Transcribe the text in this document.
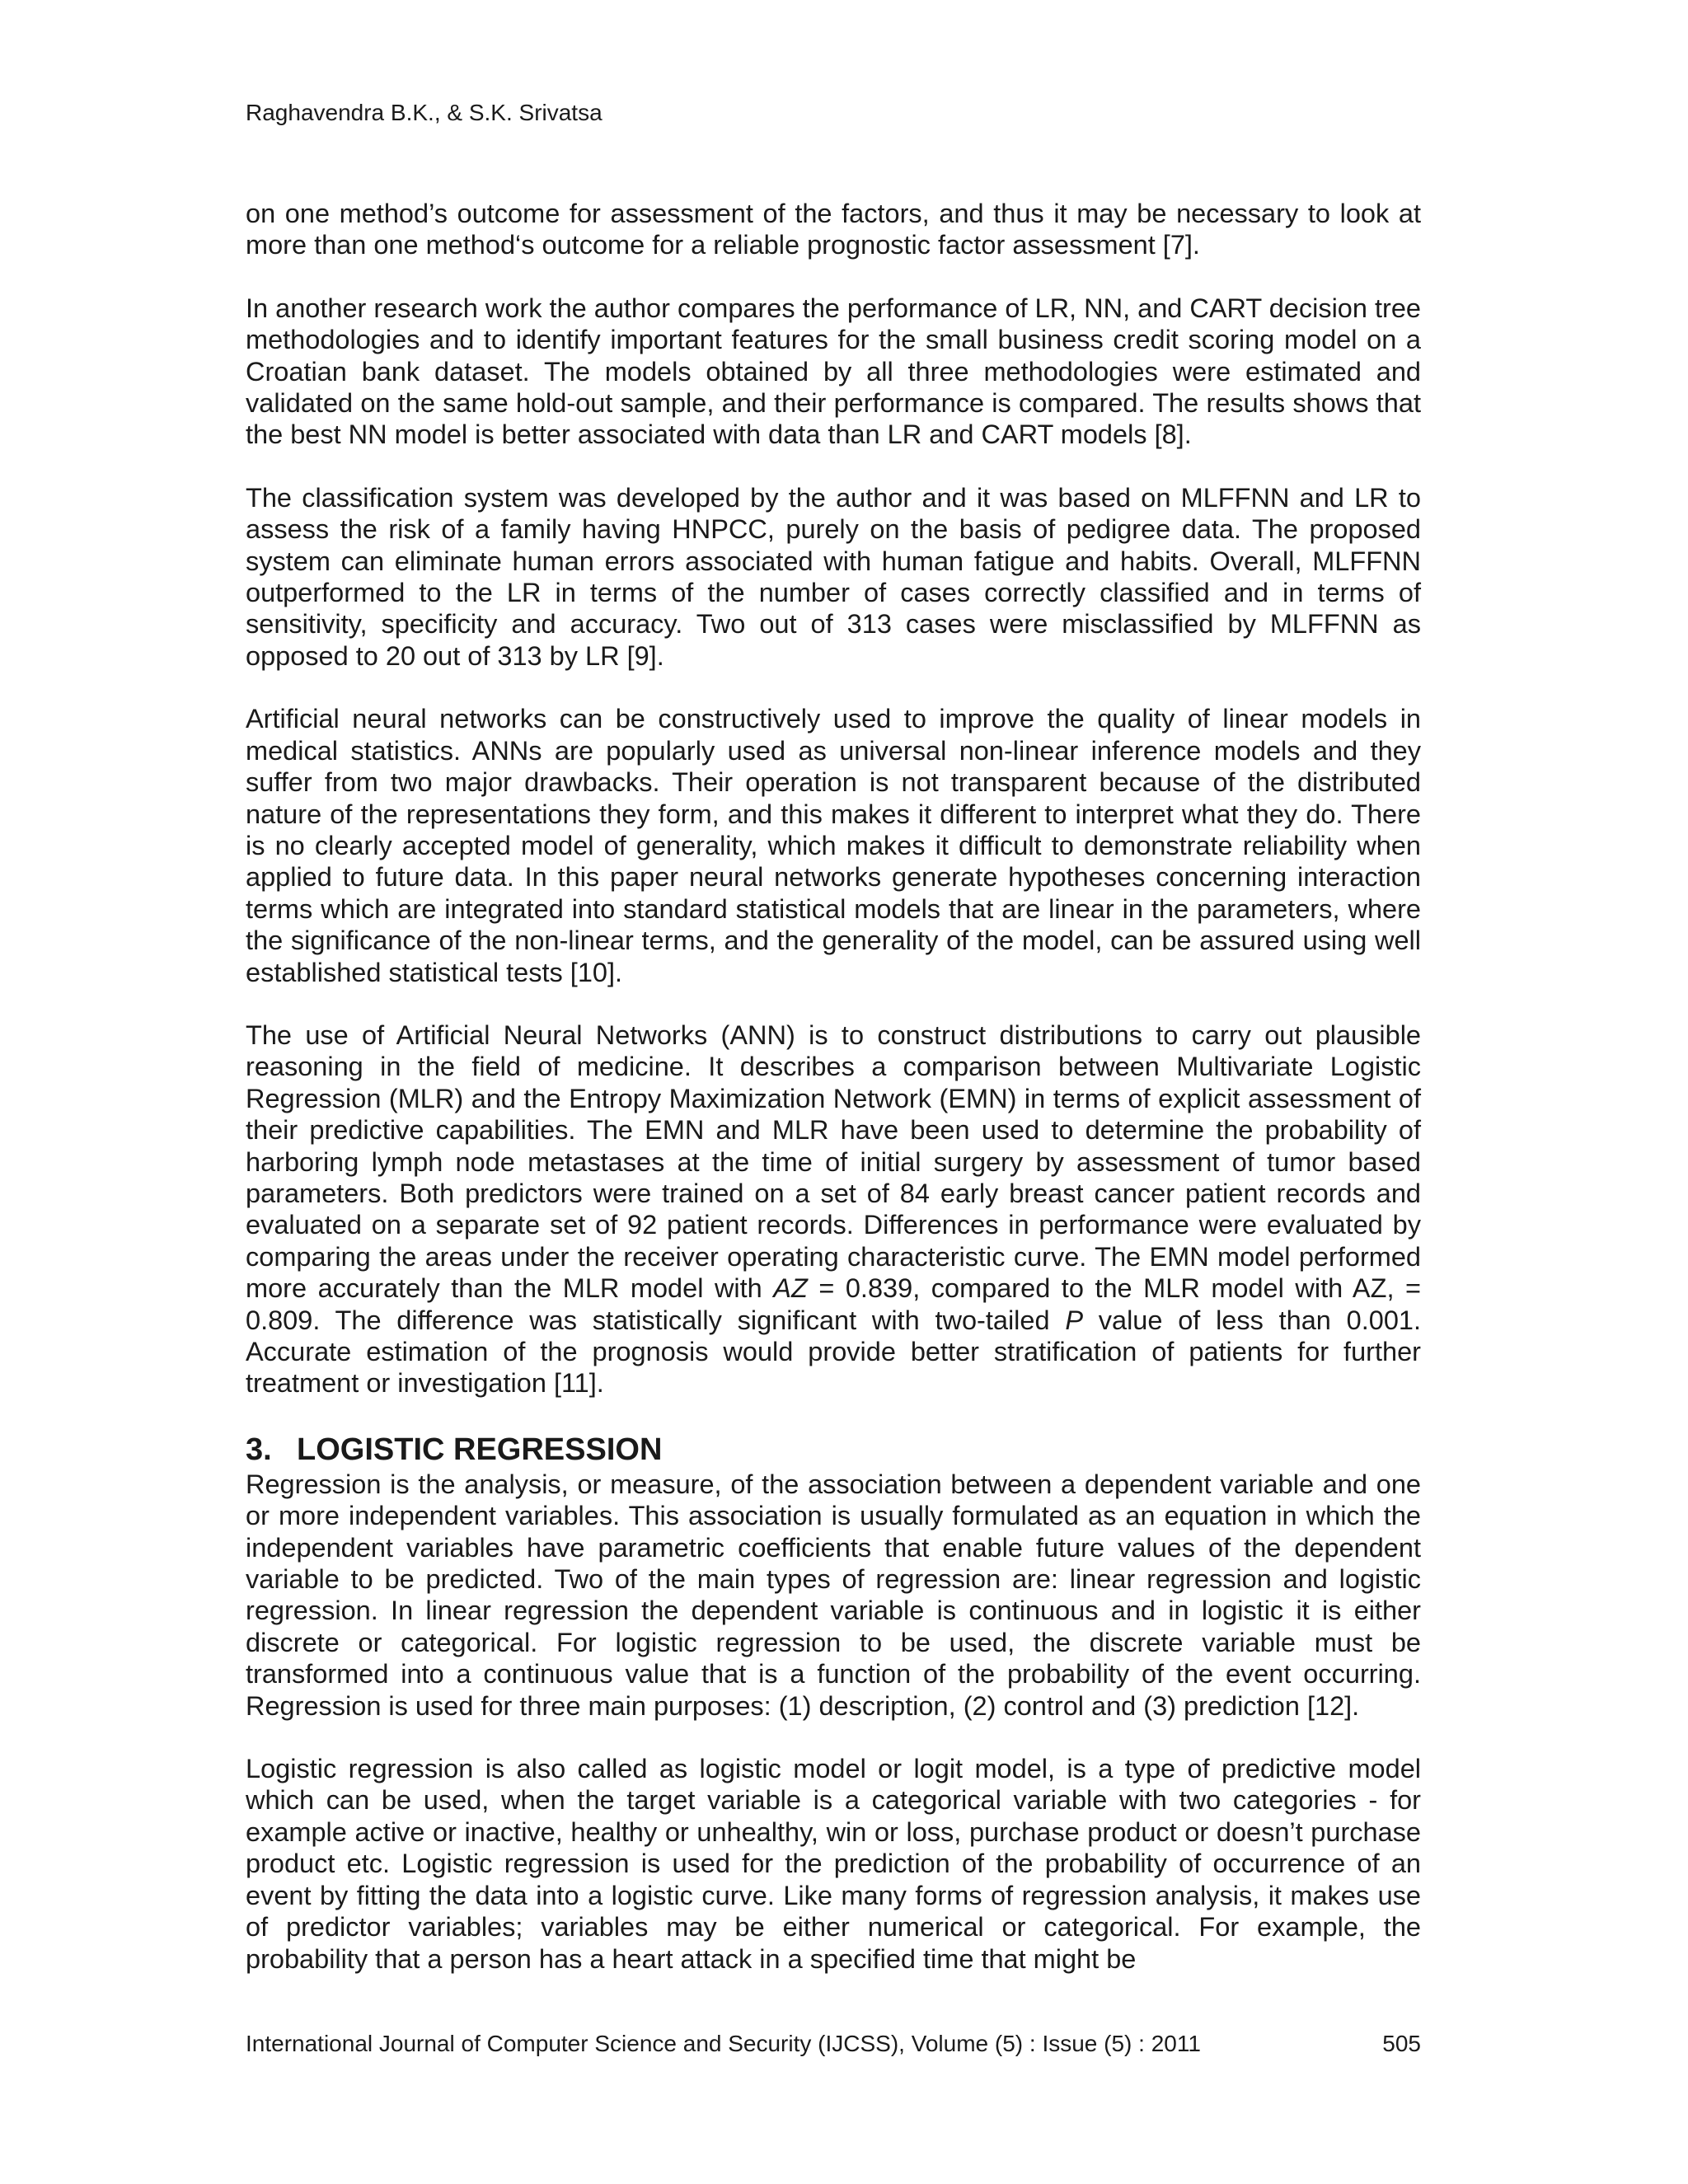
Raghavendra B.K., & S.K. Srivatsa

on one method’s outcome for assessment of the factors, and thus it may be necessary to look at more than one method‘s outcome for a reliable prognostic factor assessment [7].

In another research work the author compares the performance of LR, NN, and CART decision tree methodologies and to identify important features for the small business credit scoring model on a Croatian bank dataset. The models obtained by all three methodologies were estimated and validated on the same hold-out sample, and their performance is compared. The results shows that the best NN model is better associated with data than LR and CART models [8].

The classification system was developed by the author and it was based on MLFFNN and LR to assess the risk of a family having HNPCC, purely on the basis of pedigree data. The proposed system can eliminate human errors associated with human fatigue and habits. Overall, MLFFNN outperformed to the LR in terms of the number of cases correctly classified and in terms of sensitivity, specificity and accuracy. Two out of 313 cases were misclassified by MLFFNN as opposed to 20 out of 313 by LR [9].

Artificial neural networks can be constructively used to improve the quality of linear models in medical statistics. ANNs are popularly used as universal non-linear inference models and they suffer from two major drawbacks. Their operation is not transparent because of the distributed nature of the representations they form, and this makes it different to interpret what they do. There is no clearly accepted model of generality, which makes it difficult to demonstrate reliability when applied to future data. In this paper neural networks generate hypotheses concerning interaction terms which are integrated into standard statistical models that are linear in the parameters, where the significance of the non-linear terms, and the generality of the model, can be assured using well established statistical tests [10].

The use of Artificial Neural Networks (ANN) is to construct distributions to carry out plausible reasoning in the field of medicine. It describes a comparison between Multivariate Logistic Regression (MLR) and the Entropy Maximization Network (EMN) in terms of explicit assessment of their predictive capabilities. The EMN and MLR have been used to determine the probability of harboring lymph node metastases at the time of initial surgery by assessment of tumor based parameters. Both predictors were trained on a set of 84 early breast cancer patient records and evaluated on a separate set of 92 patient records. Differences in performance were evaluated by comparing the areas under the receiver operating characteristic curve. The EMN model performed more accurately than the MLR model with AZ = 0.839, compared to the MLR model with AZ, = 0.809. The difference was statistically significant with two-tailed P value of less than 0.001. Accurate estimation of the prognosis would provide better stratification of patients for further treatment or investigation [11].

3. LOGISTIC REGRESSION

Regression is the analysis, or measure, of the association between a dependent variable and one or more independent variables. This association is usually formulated as an equation in which the independent variables have parametric coefficients that enable future values of the dependent variable to be predicted. Two of the main types of regression are: linear regression and logistic regression. In linear regression the dependent variable is continuous and in logistic it is either discrete or categorical. For logistic regression to be used, the discrete variable must be transformed into a continuous value that is a function of the probability of the event occurring. Regression is used for three main purposes: (1) description, (2) control and (3) prediction [12].

Logistic regression is also called as logistic model or logit model, is a type of predictive model which can be used, when the target variable is a categorical variable with two categories - for example active or inactive, healthy or unhealthy, win or loss, purchase product or doesn’t purchase product etc. Logistic regression is used for the prediction of the probability of occurrence of an event by fitting the data into a logistic curve. Like many forms of regression analysis, it makes use of predictor variables; variables may be either numerical or categorical. For example, the probability that a person has a heart attack in a specified time that might be

International Journal of Computer Science and Security (IJCSS), Volume (5) : Issue (5) : 2011	505
